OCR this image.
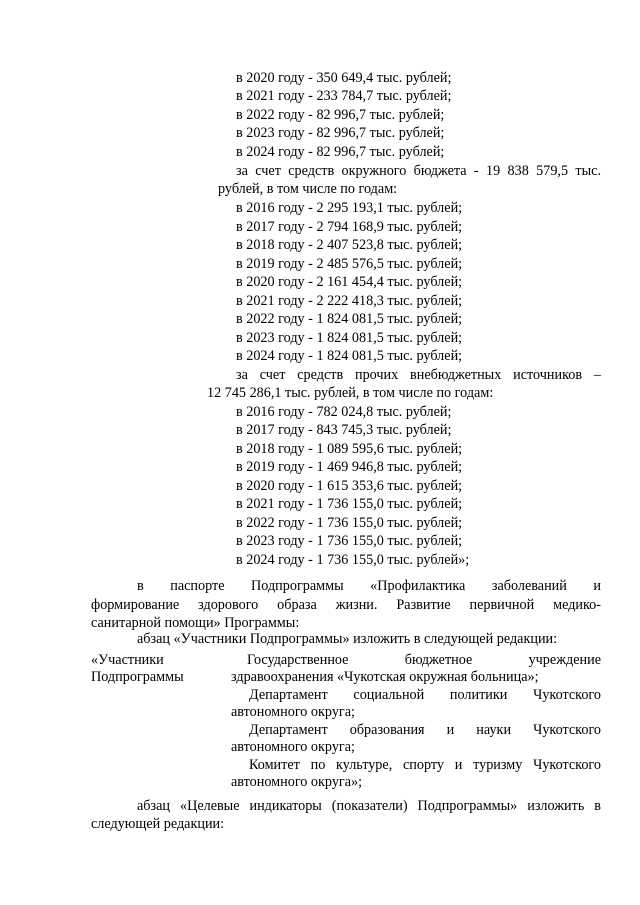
в 2020 году - 350 649,4 тыс. рублей;
в 2021 году - 233 784,7 тыс. рублей;
в 2022 году - 82 996,7 тыс. рублей;
в 2023 году - 82 996,7 тыс. рублей;
в 2024 году - 82 996,7 тыс. рублей;
за счет средств окружного бюджета - 19 838 579,5 тыс.
рублей, в том числе по годам:
в 2016 году - 2 295 193,1 тыс. рублей;
в 2017 году - 2 794 168,9 тыс. рублей;
в 2018 году - 2 407 523,8 тыс. рублей;
в 2019 году - 2 485 576,5 тыс. рублей;
в 2020 году - 2 161 454,4 тыс. рублей;
в 2021 году - 2 222 418,3 тыс. рублей;
в 2022 году - 1 824 081,5 тыс. рублей;
в 2023 году - 1 824 081,5 тыс. рублей;
в 2024 году - 1 824 081,5 тыс. рублей;
за счет средств прочих внебюджетных источников –
12 745 286,1 тыс. рублей, в том числе по годам:
в 2016 году - 782 024,8 тыс. рублей;
в 2017 году - 843 745,3 тыс. рублей;
в 2018 году - 1 089 595,6 тыс. рублей;
в 2019 году - 1 469 946,8 тыс. рублей;
в 2020 году - 1 615 353,6 тыс. рублей;
в 2021 году - 1 736 155,0 тыс. рублей;
в 2022 году - 1 736 155,0 тыс. рублей;
в 2023 году - 1 736 155,0 тыс. рублей;
в 2024 году - 1 736 155,0 тыс. рублей»;
в паспорте Подпрограммы «Профилактика заболеваний и
формирование здорового образа жизни. Развитие первичной медико-
санитарной помощи» Программы:
абзац «Участники Подпрограммы» изложить в следующей редакции:
«Участники
Подпрограммы
Государственное бюджетное учреждение
здравоохранения «Чукотская окружная больница»;
Департамент социальной политики Чукотского
автономного округа;
Департамент образования и науки Чукотского
автономного округа;
Комитет по культуре, спорту и туризму Чукотского
автономного округа»;
абзац «Целевые индикаторы (показатели) Подпрограммы» изложить в
следующей редакции:
